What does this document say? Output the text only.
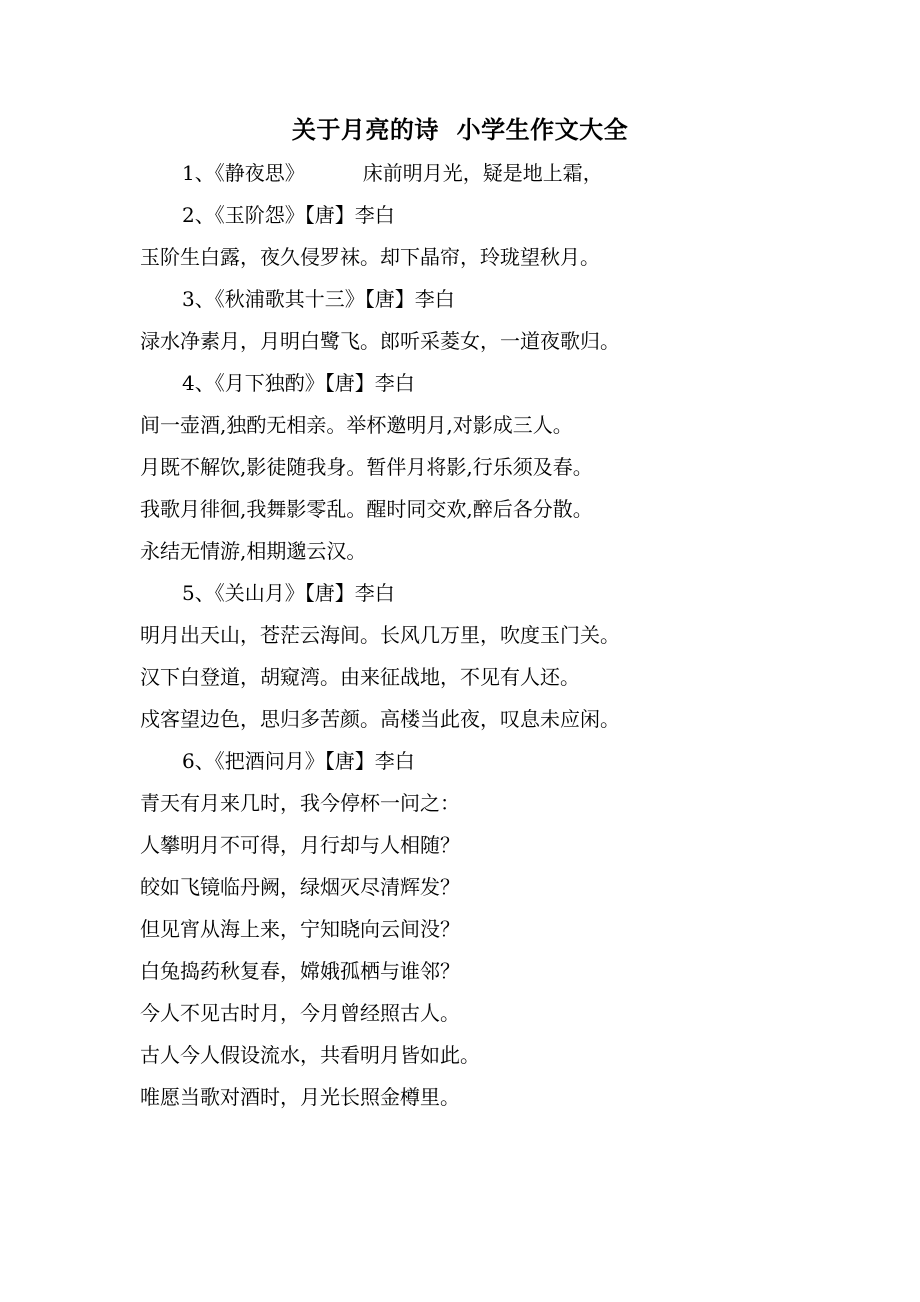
关于月亮的诗  小学生作文大全
1、《静夜思》	床前明月光，疑是地上霜，
2、《玉阶怨》【唐】李白
玉阶生白露，夜久侵罗袜。却下晶帘，玲珑望秋月。
3、《秋浦歌其十三》【唐】李白
渌水净素月，月明白鹭飞。郎听采菱女，一道夜歌归。
4、《月下独酌》【唐】李白
间一壶酒,独酌无相亲。举杯邀明月,对影成三人。
月既不解饮,影徒随我身。暂伴月将影,行乐须及春。
我歌月徘徊,我舞影零乱。醒时同交欢,醉后各分散。
永结无情游,相期邈云汉。
5、《关山月》【唐】李白
明月出天山，苍茫云海间。长风几万里，吹度玉门关。
汉下白登道，胡窥湾。由来征战地，不见有人还。
戍客望边色，思归多苦颜。高楼当此夜，叹息未应闲。
6、《把酒问月》【唐】李白
青天有月来几时，我今停杯一问之：
人攀明月不可得，月行却与人相随？
皎如飞镜临丹阙，绿烟灭尽清辉发？
但见宵从海上来，宁知晓向云间没？
白兔捣药秋复春，嫦娥孤栖与谁邻？
今人不见古时月，今月曾经照古人。
古人今人假设流水，共看明月皆如此。
唯愿当歌对酒时，月光长照金樽里。
